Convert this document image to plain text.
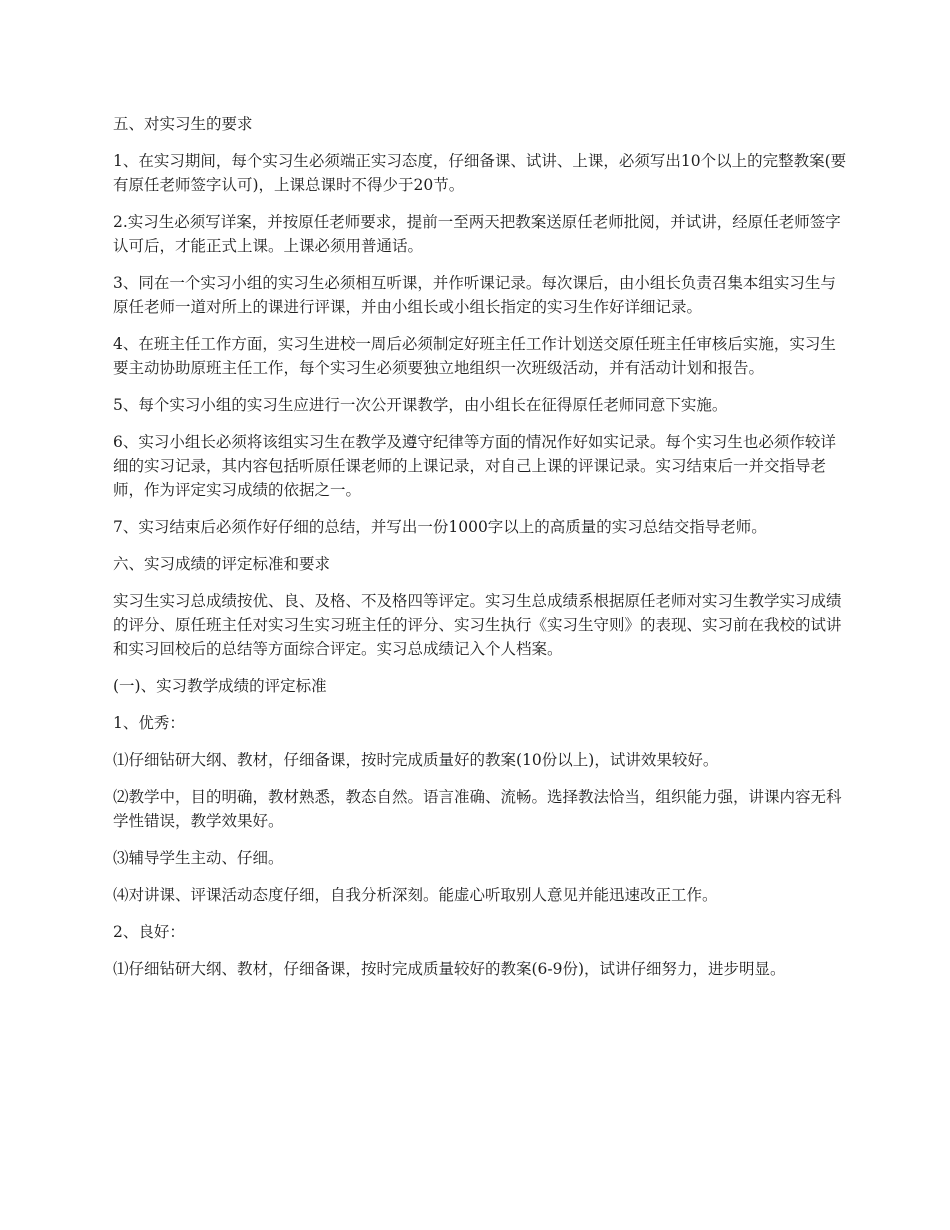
五、对实习生的要求

1、在实习期间，每个实习生必须端正实习态度，仔细备课、试讲、上课，必须写出10个以上的完整教案(要有原任老师签字认可)，上课总课时不得少于20节。

2.实习生必须写详案，并按原任老师要求，提前一至两天把教案送原任老师批阅，并试讲，经原任老师签字认可后，才能正式上课。上课必须用普通话。

3、同在一个实习小组的实习生必须相互听课，并作听课记录。每次课后，由小组长负责召集本组实习生与原任老师一道对所上的课进行评课，并由小组长或小组长指定的实习生作好详细记录。

4、在班主任工作方面，实习生进校一周后必须制定好班主任工作计划送交原任班主任审核后实施，实习生要主动协助原班主任工作，每个实习生必须要独立地组织一次班级活动，并有活动计划和报告。

5、每个实习小组的实习生应进行一次公开课教学，由小组长在征得原任老师同意下实施。

6、实习小组长必须将该组实习生在教学及遵守纪律等方面的情况作好如实记录。每个实习生也必须作较详细的实习记录，其内容包括听原任课老师的上课记录，对自己上课的评课记录。实习结束后一并交指导老师，作为评定实习成绩的依据之一。

7、实习结束后必须作好仔细的总结，并写出一份1000字以上的高质量的实习总结交指导老师。

六、实习成绩的评定标准和要求

实习生实习总成绩按优、良、及格、不及格四等评定。实习生总成绩系根据原任老师对实习生教学实习成绩的评分、原任班主任对实习生实习班主任的评分、实习生执行《实习生守则》的表现、实习前在我校的试讲和实习回校后的总结等方面综合评定。实习总成绩记入个人档案。

(一)、实习教学成绩的评定标准

1、优秀：

⑴仔细钻研大纲、教材，仔细备课，按时完成质量好的教案(10份以上)，试讲效果较好。

⑵教学中，目的明确，教材熟悉，教态自然。语言准确、流畅。选择教法恰当，组织能力强，讲课内容无科学性错误，教学效果好。

⑶辅导学生主动、仔细。

⑷对讲课、评课活动态度仔细，自我分析深刻。能虚心听取别人意见并能迅速改正工作。

2、良好：

⑴仔细钻研大纲、教材，仔细备课，按时完成质量较好的教案(6-9份)，试讲仔细努力，进步明显。
